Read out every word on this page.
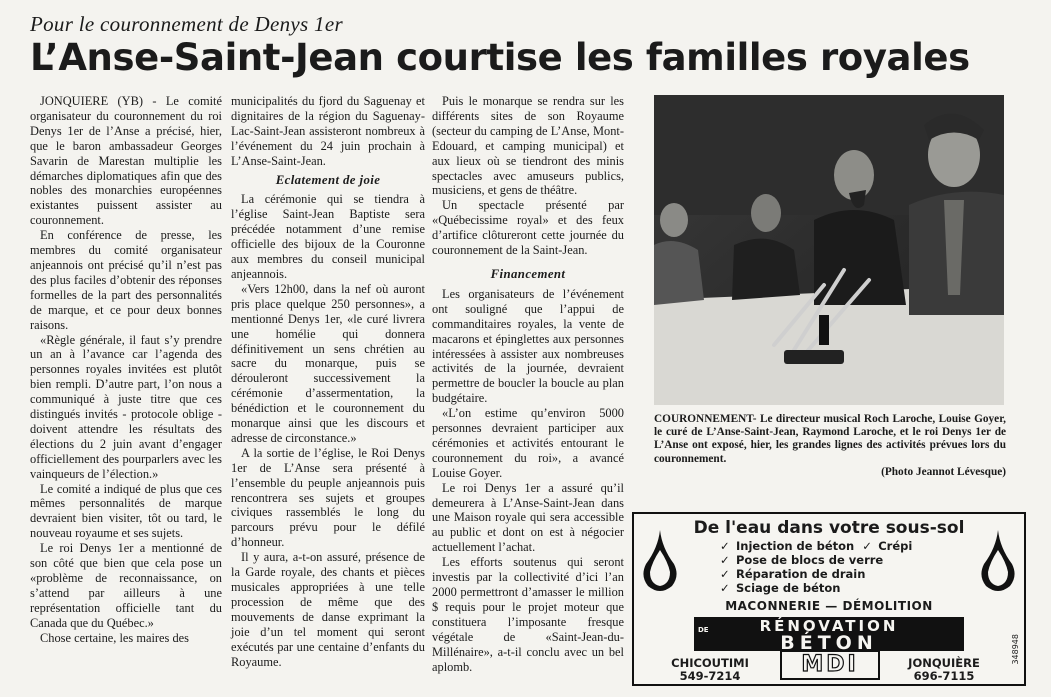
Pour le couronnement de Denys 1er
L’Anse-Saint-Jean courtise les familles royales

JONQUIERE (YB) - Le comité organisateur du couronnement du roi Denys 1er de l’Anse a précisé, hier, que le baron ambassadeur Georges Savarin de Marestan multiplie les démarches diplomatiques afin que des nobles des monarchies européennes existantes puissent assister au couronnement.

En conférence de presse, les membres du comité organisateur anjeannois ont précisé qu’il n’est pas des plus faciles d’obtenir des réponses formelles de la part des personnalités de marque, et ce pour deux bonnes raisons.

«Règle générale, il faut s’y prendre un an à l’avance car l’agenda des personnes royales invitées est plutôt bien rempli. D’autre part, l’on nous a communiqué à juste titre que ces distingués invités - protocole oblige - doivent attendre les résultats des élections du 2 juin avant d’engager officiellement des pourparlers avec les vainqueurs de l’élection.»

Le comité a indiqué de plus que ces mêmes personnalités de marque devraient bien visiter, tôt ou tard, le nouveau royaume et ses sujets.

Le roi Denys 1er a mentionné de son côté que bien que cela pose un «problème de reconnaissance, on s’attend par ailleurs à une représentation officielle tant du Canada que du Québec.»

Chose certaine, les maires des

municipalités du fjord du Saguenay et dignitaires de la région du Saguenay-Lac-Saint-Jean assisteront nombreux à l’événement du 24 juin prochain à L’Anse-Saint-Jean.

Eclatement de joie

La cérémonie qui se tiendra à l’église Saint-Jean Baptiste sera précédée notamment d’une remise officielle des bijoux de la Couronne aux membres du conseil municipal anjeannois.

«Vers 12h00, dans la nef où auront pris place quelque 250 personnes», a mentionné Denys 1er, «le curé livrera une homélie qui donnera définitivement un sens chrétien au sacre du monarque, puis se dérouleront successivement la cérémonie d’assermentation, la bénédiction et le couronnement du monarque ainsi que les discours et adresse de circonstance.»

A la sortie de l’église, le Roi Denys 1er de L’Anse sera présenté à l’ensemble du peuple anjeannois puis rencontrera ses sujets et groupes civiques rassemblés le long du parcours prévu pour le défilé d’honneur.

Il y aura, a-t-on assuré, présence de la Garde royale, des chants et pièces musicales appropriées à une telle procession de même que des mouvements de danse exprimant la joie d’un tel moment qui seront exécutés par une centaine d’enfants du Royaume.

Puis le monarque se rendra sur les différents sites de son Royaume (secteur du camping de L’Anse, Mont-Edouard, et camping municipal) et aux lieux où se tiendront des minis spectacles avec amuseurs publics, musiciens, et gens de théâtre.

Un spectacle présenté par «Québecissime royal» et des feux d’artifice clôtureront cette journée du couronnement de la Saint-Jean.

Financement

Les organisateurs de l’événement ont souligné que l’appui de commanditaires royales, la vente de macarons et épinglettes aux personnes intéressées à assister aux nombreuses activités de la journée, devraient permettre de boucler la boucle au plan budgétaire.

«L’on estime qu’environ 5000 personnes devraient participer aux cérémonies et activités entourant le couronnement du roi», a avancé Louise Goyer.

Le roi Denys 1er a assuré qu’il demeurera à L’Anse-Saint-Jean dans une Maison royale qui sera accessible au public et dont on est à négocier actuellement l’achat.

Les efforts soutenus qui seront investis par la collectivité d’ici l’an 2000 permettront d’amasser le million $ requis pour le projet moteur que constituera l’imposante fresque végétale de «Saint-Jean-du-Millénaire», a-t-il conclu avec un bel aplomb.

COURONNEMENT- Le directeur musical Roch Laroche, Louise Goyer, le curé de L’Anse-Saint-Jean, Raymond Laroche, et le roi Denys 1er de L’Anse ont exposé, hier, les grandes lignes des activités prévues lors du couronnement.
(Photo Jeannot Lévesque)
De l'eau dans votre sous-sol
✓ Injection de béton ✓ Crépi
✓ Pose de blocs de verre
✓ Réparation de drain
✓ Sciage de béton
MACONNERIE — DÉMOLITION
RÉNOVATION
DE
BÉTON
CHICOUTIMI
549-7214	MDI	JONQUIÈRE
696-7115
348948
